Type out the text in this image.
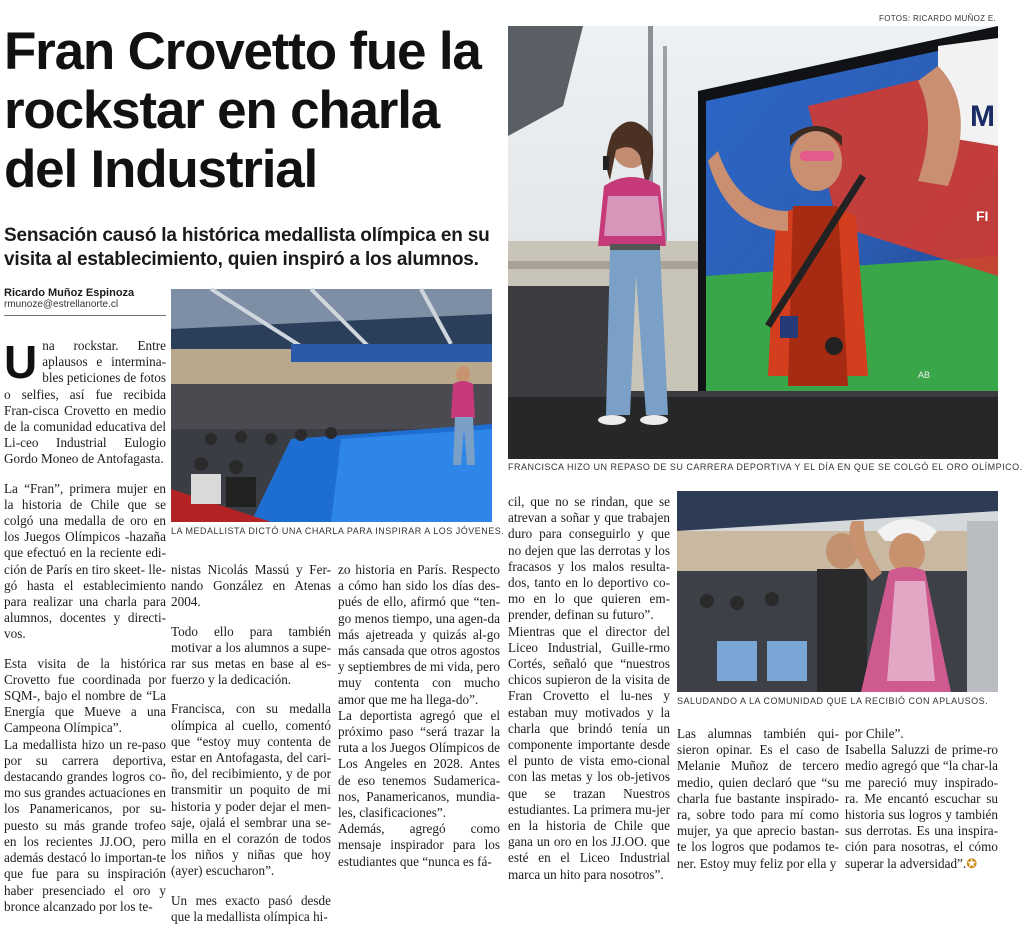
FOTOS: RICARDO MUÑOZ E.
Fran Crovetto fue la
rockstar en charla
del Industrial
Sensación causó la histórica medallista olímpica en su visita al establecimiento, quien inspiró a los alumnos.
Ricardo Muñoz Espinoza
rmunoze@estrellanorte.cl
M
FI
AB
FRANCISCA HIZO UN REPASO DE SU CARRERA DEPORTIVA Y EL DÍA EN QUE SE COLGÓ EL ORO OLÍMPICO.
LA MEDALLISTA DICTÓ UNA CHARLA PARA INSPIRAR A LOS JÓVENES.
SALUDANDO A LA COMUNIDAD QUE LA RECIBIÓ CON APLAUSOS.

Una rockstar. Entre aplausos e intermina-bles peticiones de fotos o selfies, así fue recibida Fran-cisca Crovetto en medio de la comunidad educativa del Li-ceo Industrial Eulogio Gordo Moneo de Antofagasta.

La “Fran”, primera mujer en la historia de Chile que se colgó una medalla de oro en los Juegos Olímpicos -hazaña que efectuó en la reciente edi-ción de París en tiro skeet- lle-gó hasta el establecimiento para realizar una charla para alumnos, docentes y directi-vos.

Esta visita de la histórica Crovetto fue coordinada por SQM-, bajo el nombre de “La Energía que Mueve a una Campeona Olímpica”.

La medallista hizo un re-paso por su carrera deportiva, destacando grandes logros co-mo sus grandes actuaciones en los Panamericanos, por su-puesto su más grande trofeo en los recientes JJ.OO, pero además destacó lo importan-te que fue para su inspiración haber presenciado el oro y bronce alcanzado por los te-

nistas Nicolás Massú y Fer-nando González en Atenas 2004.

Todo ello para también motivar a los alumnos a supe-rar sus metas en base al es-fuerzo y la dedicación.

Francisca, con su medalla olímpica al cuello, comentó que “estoy muy contenta de estar en Antofagasta, del cari-ño, del recibimiento, y de por transmitir un poquito de mi historia y poder dejar el men-saje, ojalá el sembrar una se-milla en el corazón de todos los niños y niñas que hoy (ayer) escucharon”.

Un mes exacto pasó desde que la medallista olímpica hi-

zo historia en París. Respecto a cómo han sido los días des-pués de ello, afirmó que “ten-go menos tiempo, una agen-da más ajetreada y quizás al-go más cansada que otros agostos y septiembres de mi vida, pero muy contenta con mucho amor que me ha llega-do”.

La deportista agregó que el próximo paso “será trazar la ruta a los Juegos Olímpicos de Los Angeles en 2028. Antes de eso tenemos Sudamerica-nos, Panamericanos, mundia-les, clasificaciones”.

Además, agregó como mensaje inspirador para los estudiantes que “nunca es fá-

cil, que no se rindan, que se atrevan a soñar y que trabajen duro para conseguirlo y que no dejen que las derrotas y los fracasos y los malos resulta-dos, tanto en lo deportivo co-mo en lo que quieren em-prender, definan su futuro”.

Mientras que el director del Liceo Industrial, Guille-rmo Cortés, señaló que “nuestros chicos supieron de la visita de Fran Crovetto el lu-nes y estaban muy motivados y la charla que brindó tenía un componente importante desde el punto de vista emo-cional con las metas y los ob-jetivos que se trazan Nuestros estudiantes. La primera mu-jer en la historia de Chile que gana un oro en los JJ.OO. que esté en el Liceo Industrial marca un hito para nosotros”.

Las alumnas también qui-sieron opinar. Es el caso de Melanie Muñoz de tercero medio, quien declaró que “su charla fue bastante inspirado-ra, sobre todo para mí como mujer, ya que aprecio bastan-te los logros que podamos te-ner. Estoy muy feliz por ella y

por Chile”.

Isabella Saluzzi de prime-ro medio agregó que “la char-la me pareció muy inspirado-ra. Me encantó escuchar su historia sus logros y también sus derrotas. Es una inspira-ción para nosotras, el cómo superar la adversidad”.✪
